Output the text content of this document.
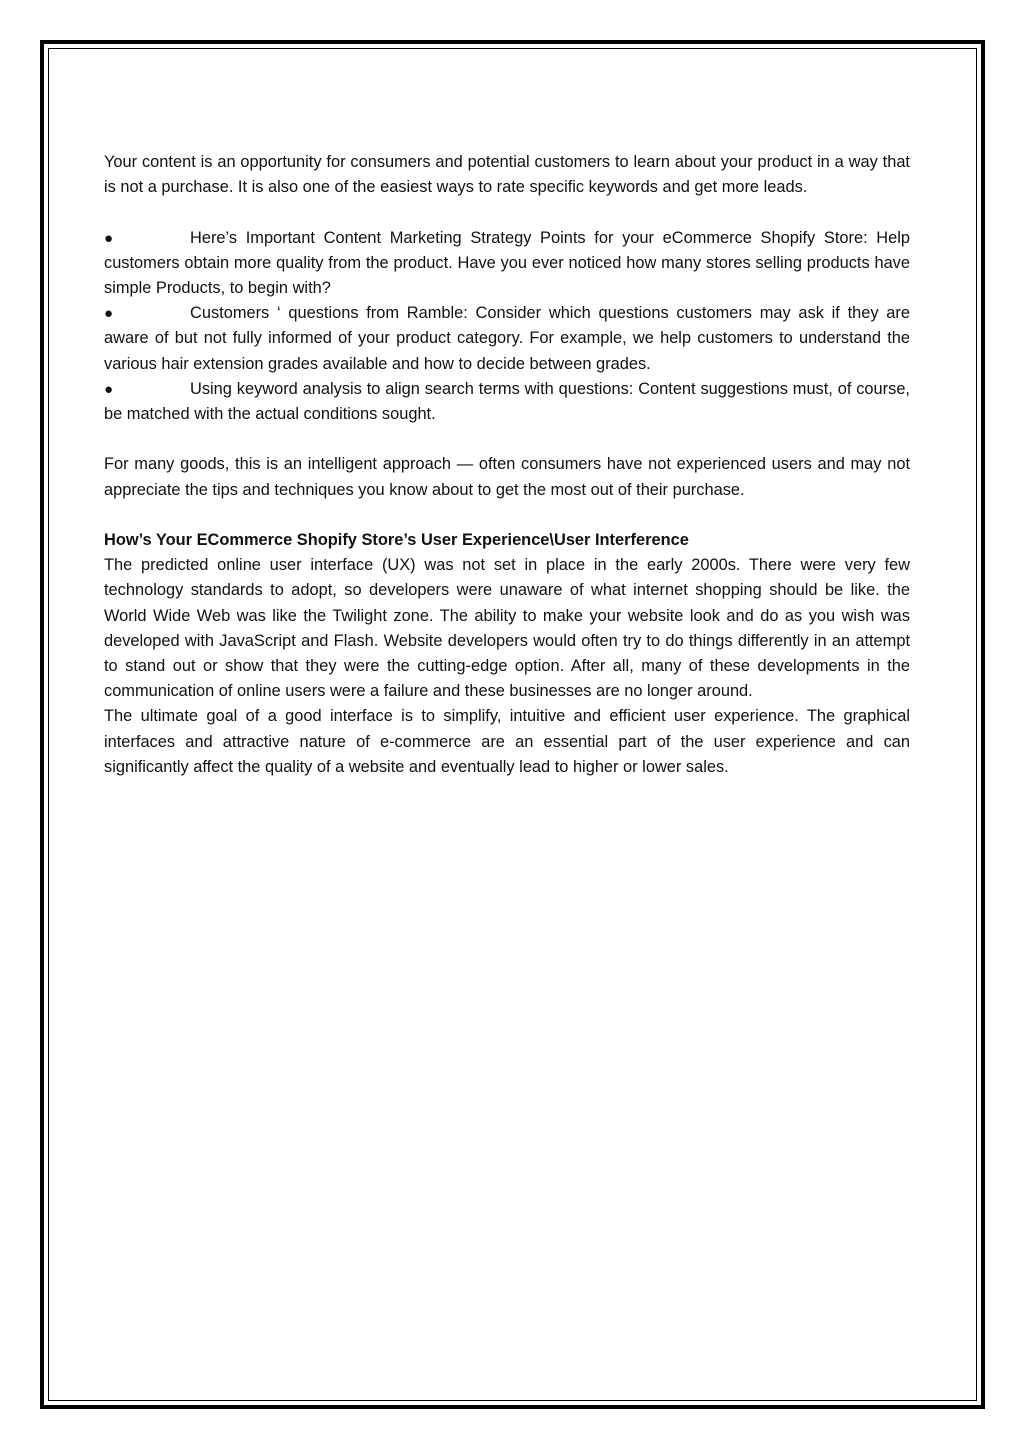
Your content is an opportunity for consumers and potential customers to learn about your product in a way that is not a purchase. It is also one of the easiest ways to rate specific keywords and get more leads.

●	Here’s Important Content Marketing Strategy Points for your eCommerce Shopify Store: Help customers obtain more quality from the product. Have you ever noticed how many stores selling products have simple Products, to begin with?

●	Customers ‘ questions from Ramble: Consider which questions customers may ask if they are aware of but not fully informed of your product category. For example, we help customers to understand the various hair extension grades available and how to decide between grades.

●	Using keyword analysis to align search terms with questions: Content suggestions must, of course, be matched with the actual conditions sought.

For many goods, this is an intelligent approach — often consumers have not experienced users and may not appreciate the tips and techniques you know about to get the most out of their purchase.

How’s Your ECommerce Shopify Store’s User Experience\User Interference

The predicted online user interface (UX) was not set in place in the early 2000s. There were very few technology standards to adopt, so developers were unaware of what internet shopping should be like. the World Wide Web was like the Twilight zone. The ability to make your website look and do as you wish was developed with JavaScript and Flash. Website developers would often try to do things differently in an attempt to stand out or show that they were the cutting-edge option. After all, many of these developments in the communication of online users were a failure and these businesses are no longer around.

The ultimate goal of a good interface is to simplify, intuitive and efficient user experience. The graphical interfaces and attractive nature of e-commerce are an essential part of the user experience and can significantly affect the quality of a website and eventually lead to higher or lower sales.
